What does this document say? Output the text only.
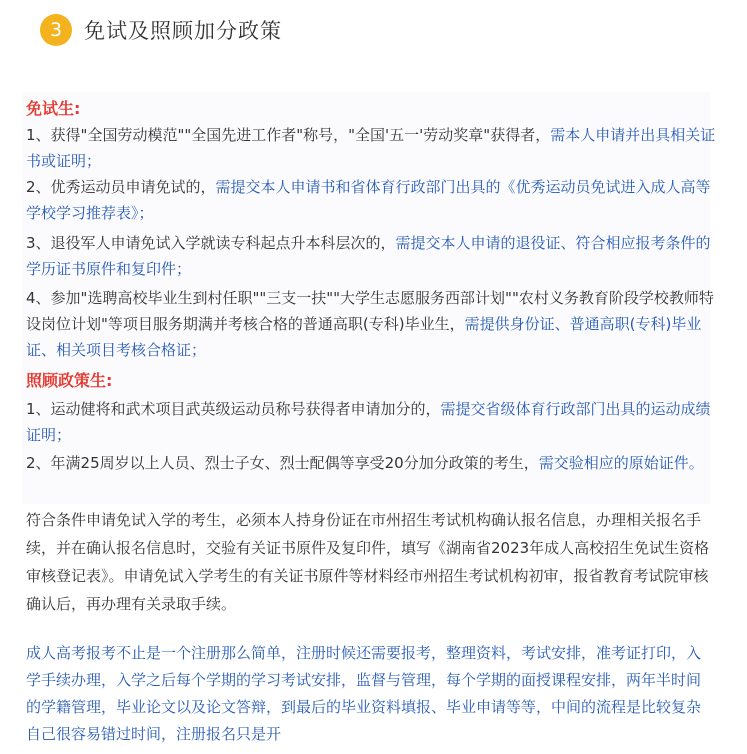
3	免试及照顾加分政策
免试生:
1、获得"全国劳动模范""全国先进工作者"称号，"全国'五一'劳动奖章"获得者，需本人申请并出具相关证书或证明；
2、优秀运动员申请免试的，需提交本人申请书和省体育行政部门出具的《优秀运动员免试进入成人高等学校学习推荐表》；
3、退役军人申请免试入学就读专科起点升本科层次的，需提交本人申请的退役证、符合相应报考条件的学历证书原件和复印件；
4、参加"选聘高校毕业生到村任职""三支一扶""大学生志愿服务西部计划""农村义务教育阶段学校教师特设岗位计划"等项目服务期满并考核合格的普通高职(专科)毕业生，需提供身份证、普通高职(专科)毕业证、相关项目考核合格证；
照顾政策生:
1、运动健将和武术项目武英级运动员称号获得者申请加分的，需提交省级体育行政部门出具的运动成绩证明；
2、年满25周岁以上人员、烈士子女、烈士配偶等享受20分加分政策的考生，需交验相应的原始证件。
符合条件申请免试入学的考生，必须本人持身份证在市州招生考试机构确认报名信息，办理相关报名手续，并在确认报名信息时，交验有关证书原件及复印件，填写《湖南省2023年成人高校招生免试生资格审核登记表》。申请免试入学考生的有关证书原件等材料经市州招生考试机构初审，报省教育考试院审核确认后，再办理有关录取手续。
成人高考报考不止是一个注册那么简单，注册时候还需要报考，整理资料，考试安排，准考证打印，入学手续办理，入学之后每个学期的学习考试安排，监督与管理，每个学期的面授课程安排，两年半时间的学籍管理，毕业论文以及论文答辩，到最后的毕业资料填报、毕业申请等等，中间的流程是比较复杂自己很容易错过时间，注册报名只是开
